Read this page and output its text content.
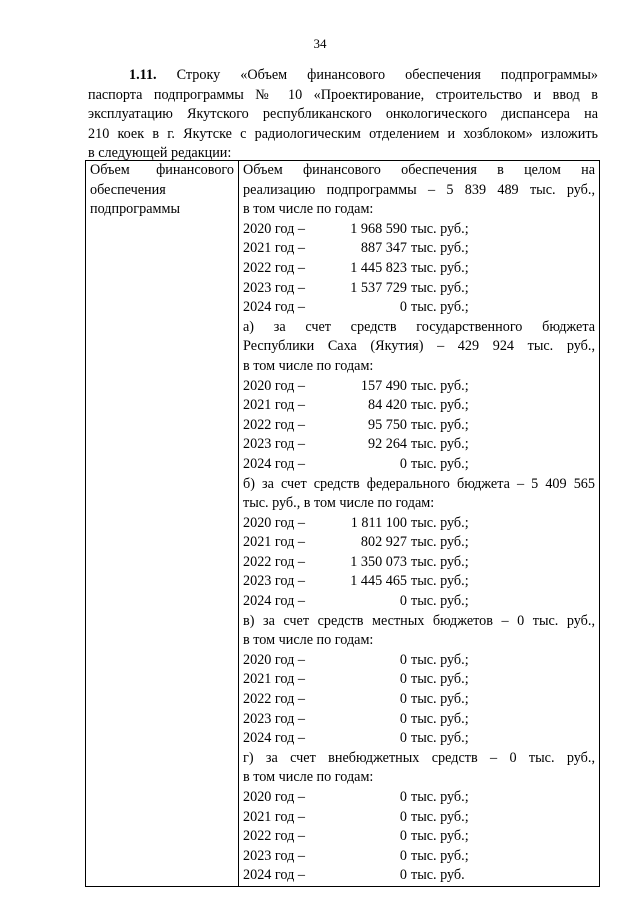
34

1.11. Строку «Объем финансового обеспечения подпрограммы»

паспорта подпрограммы № 10 «Проектирование, строительство и ввод в

эксплуатацию Якутского республиканского онкологического диспансера на

210 коек в г. Якутске с радиологическим отделением и хозблоком» изложить

в следующей редакции:

Объем финансового
обеспечения
подпрограммы

Объем финансового обеспечения в целом на
реализацию подпрограммы – 5 839 489 тыс. руб.,
в том числе по годам:
2020 год –	1 968 590 тыс. руб.;
2021 год –	887 347 тыс. руб.;
2022 год –	1 445 823 тыс. руб.;
2023 год –	1 537 729 тыс. руб.;
2024 год –	0 тыс. руб.;
а) за счет средств государственного бюджета
Республики Саха (Якутия) – 429 924 тыс. руб.,
в том числе по годам:
2020 год –	157 490 тыс. руб.;
2021 год –	84 420 тыс. руб.;
2022 год –	95 750 тыс. руб.;
2023 год –	92 264 тыс. руб.;
2024 год –	0 тыс. руб.;
б) за счет средств федерального бюджета – 5 409 565
тыс. руб., в том числе по годам:
2020 год –	1 811 100 тыс. руб.;
2021 год –	802 927 тыс. руб.;
2022 год –	1 350 073 тыс. руб.;
2023 год –	1 445 465 тыс. руб.;
2024 год –	0 тыс. руб.;
в) за счет средств местных бюджетов – 0 тыс. руб.,
в том числе по годам:
2020 год –	0 тыс. руб.;
2021 год –	0 тыс. руб.;
2022 год –	0 тыс. руб.;
2023 год –	0 тыс. руб.;
2024 год –	0 тыс. руб.;
г) за счет внебюджетных средств – 0 тыс. руб.,
в том числе по годам:
2020 год –	0 тыс. руб.;
2021 год –	0 тыс. руб.;
2022 год –	0 тыс. руб.;
2023 год –	0 тыс. руб.;
2024 год –	0 тыс. руб.
